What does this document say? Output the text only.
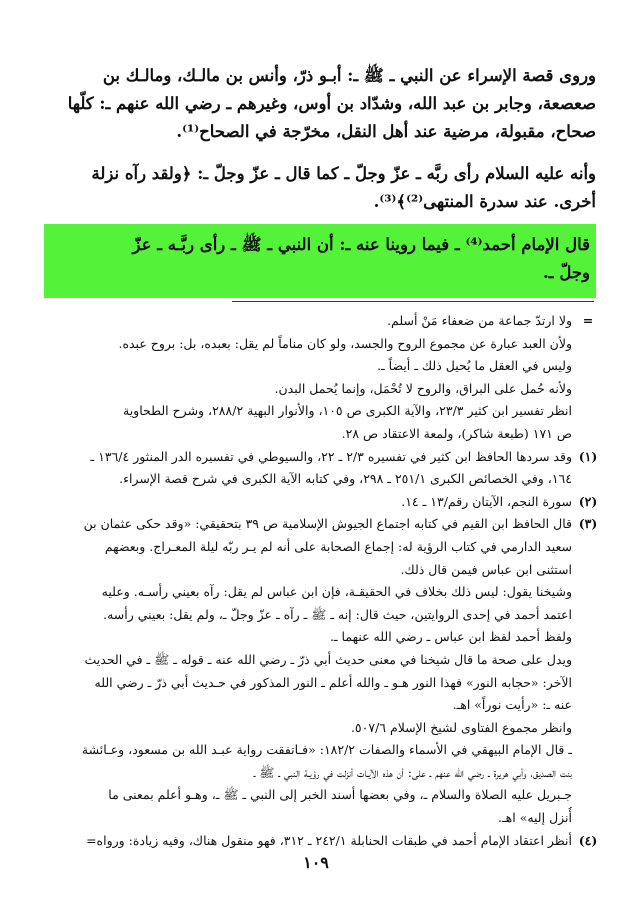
وروى قصة الإسراء عن النبي ـ ﷺ ـ: أبـو ذرّ، وأنس بن مالـك، ومالـك بن
صعصعة، وجابر بن عبد الله، وشدّاد بن أوس، وغيرهم ـ رضي الله عنهم ـ: كلّها
صحاح، مقبولة، مرضية عند أهل النقل، مخرّجة في الصحاح⁽¹⁾.
وأنه عليه السلام رأى ربَّه ـ عزّ وجلّ ـ كما قال ـ عزّ وجلّ ـ: ﴿ولقد رآه نزلة
أخرى. عند سدرة المنتهى⁽²⁾﴾⁽³⁾.
قال الإمام أحمد⁽⁴⁾ ـ فيما روينا عنه ـ: أن النبي ـ ﷺ ـ رأى ربَّـه ـ عزّ
وجلّ ـ.
=
ولا ارتدّ جماعة من ضعفاء مَنْ أسلم.
ولأن العبد عبارة عن مجموع الروح والجسد، ولو كان مناماً لم يقل: بعبده، بل: بروح عبده.
وليس في العقل ما يُحيل ذلك ـ أيضاً ـ.
ولأنه حُمل على البراق، والروح لا تُحْمَل، وإنما يُحمل البدن.
انظر تفسير ابن كثير ٢٣/٣، والآية الكبرى ص ١٠٥، والأنوار البهية ٢٨٨/٢، وشرح الطحاوية
ص ١٧١ (طبعة شاكر)، ولمعة الاعتقاد ص ٢٨.
(١)
وقد سردها الحافظ ابن كثير في تفسيره ٢/٣ ـ ٢٢، والسيوطي في تفسيره الدر المنثور ١٣٦/٤ ـ
١٦٤، وفي الخصائص الكبرى ٢٥١/١ ـ ٢٩٨، وفي كتابه الآية الكبرى في شرح قصة الإسراء.
(٢)
سورة النجم، الآيتان رقم/١٣ ـ ١٤.
(٣)
قال الحافظ ابن القيم في كتابه اجتماع الجيوش الإسلامية ص ٣٩ بتحقيقي: «وقد حكى عثمان بن
سعيد الدارمي في كتاب الرؤية له: إجماع الصحابة على أنه لم يـر ربّه ليلة المعـراج. وبعضهم
استثنى ابن عباس فيمن قال ذلك.
وشيخنا يقول: ليس ذلك بخلاف في الحقيقـة، فإن ابن عباس لم يقل: رآه بعيني رأسـه. وعليه
اعتمد أحمد في إحدى الروايتين، حيث قال: إنه ـ ﷺ ـ رآه ـ عزّ وجلّ ـ، ولم يقل: بعيني رأسه.
ولفظ أحمد لفظ ابن عباس ـ رضي الله عنهما ـ.
ويدل على صحة ما قال شيخنا في معنى حديث أبي ذرّ ـ رضي الله عنه ـ قوله ـ ﷺ ـ في الحديث
الآخر: «حجابه النور» فهذا النور هـو ـ والله أعلم ـ النور المذكور في حـديث أبي ذرّ ـ رضي الله
عنه ـ: «رأيت نوراً» اهـ.
وانظر مجموع الفتاوى لشيخ الإسلام ٥٠٧/٦.
ـ قال الإمام البيهقي في الأسماء والصفات ١٨٢/٢: «فـاتفقت رواية عبـد الله بن مسعود، وعـائشة
بنت الصديق، وأبي هريرة ـ رضي الله عنهم ـ على: أن هذه الآيـات أنزلت في رؤيـة النبي ـ ﷺ ـ
جـبريل عليه الصلاة والسلام ـ، وفي بعضها أسند الخبر إلى النبي ـ ﷺ ـ، وهـو أعلم بمعنى ما
أُنزل إليه» اهـ.
(٤)
أنظر اعتقاد الإمام أحمد في طبقات الحنابلة ٢٤٢/١ ـ ٣١٢، فهو منقول هناك، وفيه زيادة: ورواه=
١٠٩
